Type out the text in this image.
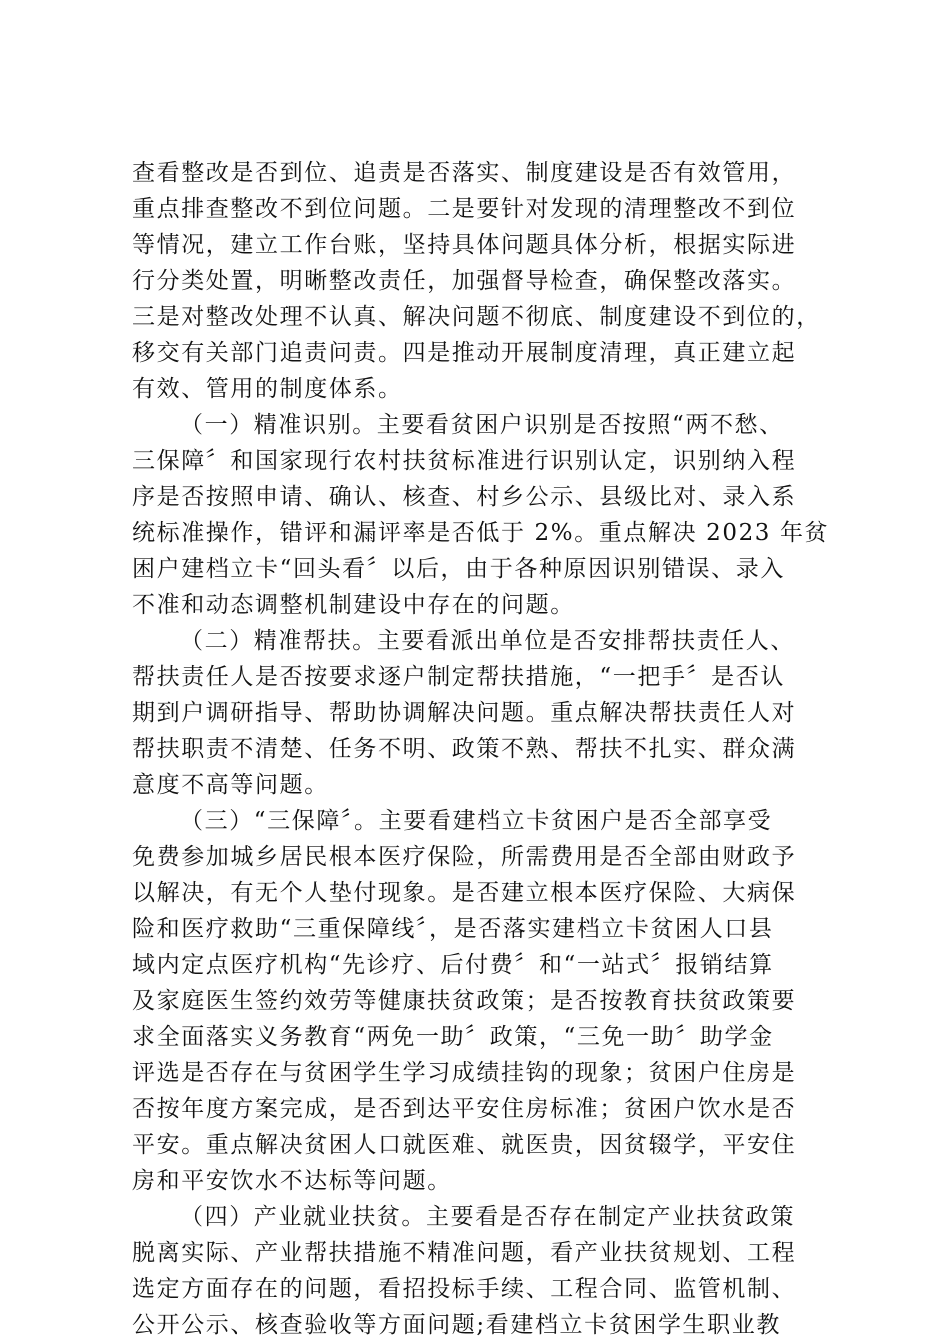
查看整改是否到位、追责是否落实、制度建设是否有效管用，
重点排查整改不到位问题。二是要针对发现的清理整改不到位
等情况，建立工作台账，坚持具体问题具体分析，根据实际进
行分类处置，明晰整改责任，加强督导检查，确保整改落实。
三是对整改处理不认真、解决问题不彻底、制度建设不到位的，
移交有关部门追责问责。四是推动开展制度清理，真正建立起
有效、管用的制度体系。
（一）精准识别。主要看贫困户识别是否按照“两不愁、
三保障〞和国家现行农村扶贫标准进行识别认定，识别纳入程
序是否按照申请、确认、核查、村乡公示、县级比对、录入系
统标准操作，错评和漏评率是否低于 2%。重点解决 2023 年贫
困户建档立卡“回头看〞以后，由于各种原因识别错误、录入
不准和动态调整机制建设中存在的问题。
（二）精准帮扶。主要看派出单位是否安排帮扶责任人、
帮扶责任人是否按要求逐户制定帮扶措施，“一把手〞是否认
期到户调研指导、帮助协调解决问题。重点解决帮扶责任人对
帮扶职责不清楚、任务不明、政策不熟、帮扶不扎实、群众满
意度不高等问题。
（三）“三保障〞。主要看建档立卡贫困户是否全部享受
免费参加城乡居民根本医疗保险，所需费用是否全部由财政予
以解决，有无个人垫付现象。是否建立根本医疗保险、大病保
险和医疗救助“三重保障线〞，是否落实建档立卡贫困人口县
域内定点医疗机构“先诊疗、后付费〞和“一站式〞报销结算
及家庭医生签约效劳等健康扶贫政策；是否按教育扶贫政策要
求全面落实义务教育“两免一助〞政策，“三免一助〞助学金
评选是否存在与贫困学生学习成绩挂钩的现象；贫困户住房是
否按年度方案完成，是否到达平安住房标准；贫困户饮水是否
平安。重点解决贫困人口就医难、就医贵，因贫辍学，平安住
房和平安饮水不达标等问题。
（四）产业就业扶贫。主要看是否存在制定产业扶贫政策
脱离实际、产业帮扶措施不精准问题，看产业扶贫规划、工程
选定方面存在的问题，看招投标手续、工程合同、监管机制、
公开公示、核查验收等方面问题;看建档立卡贫困学生职业教
